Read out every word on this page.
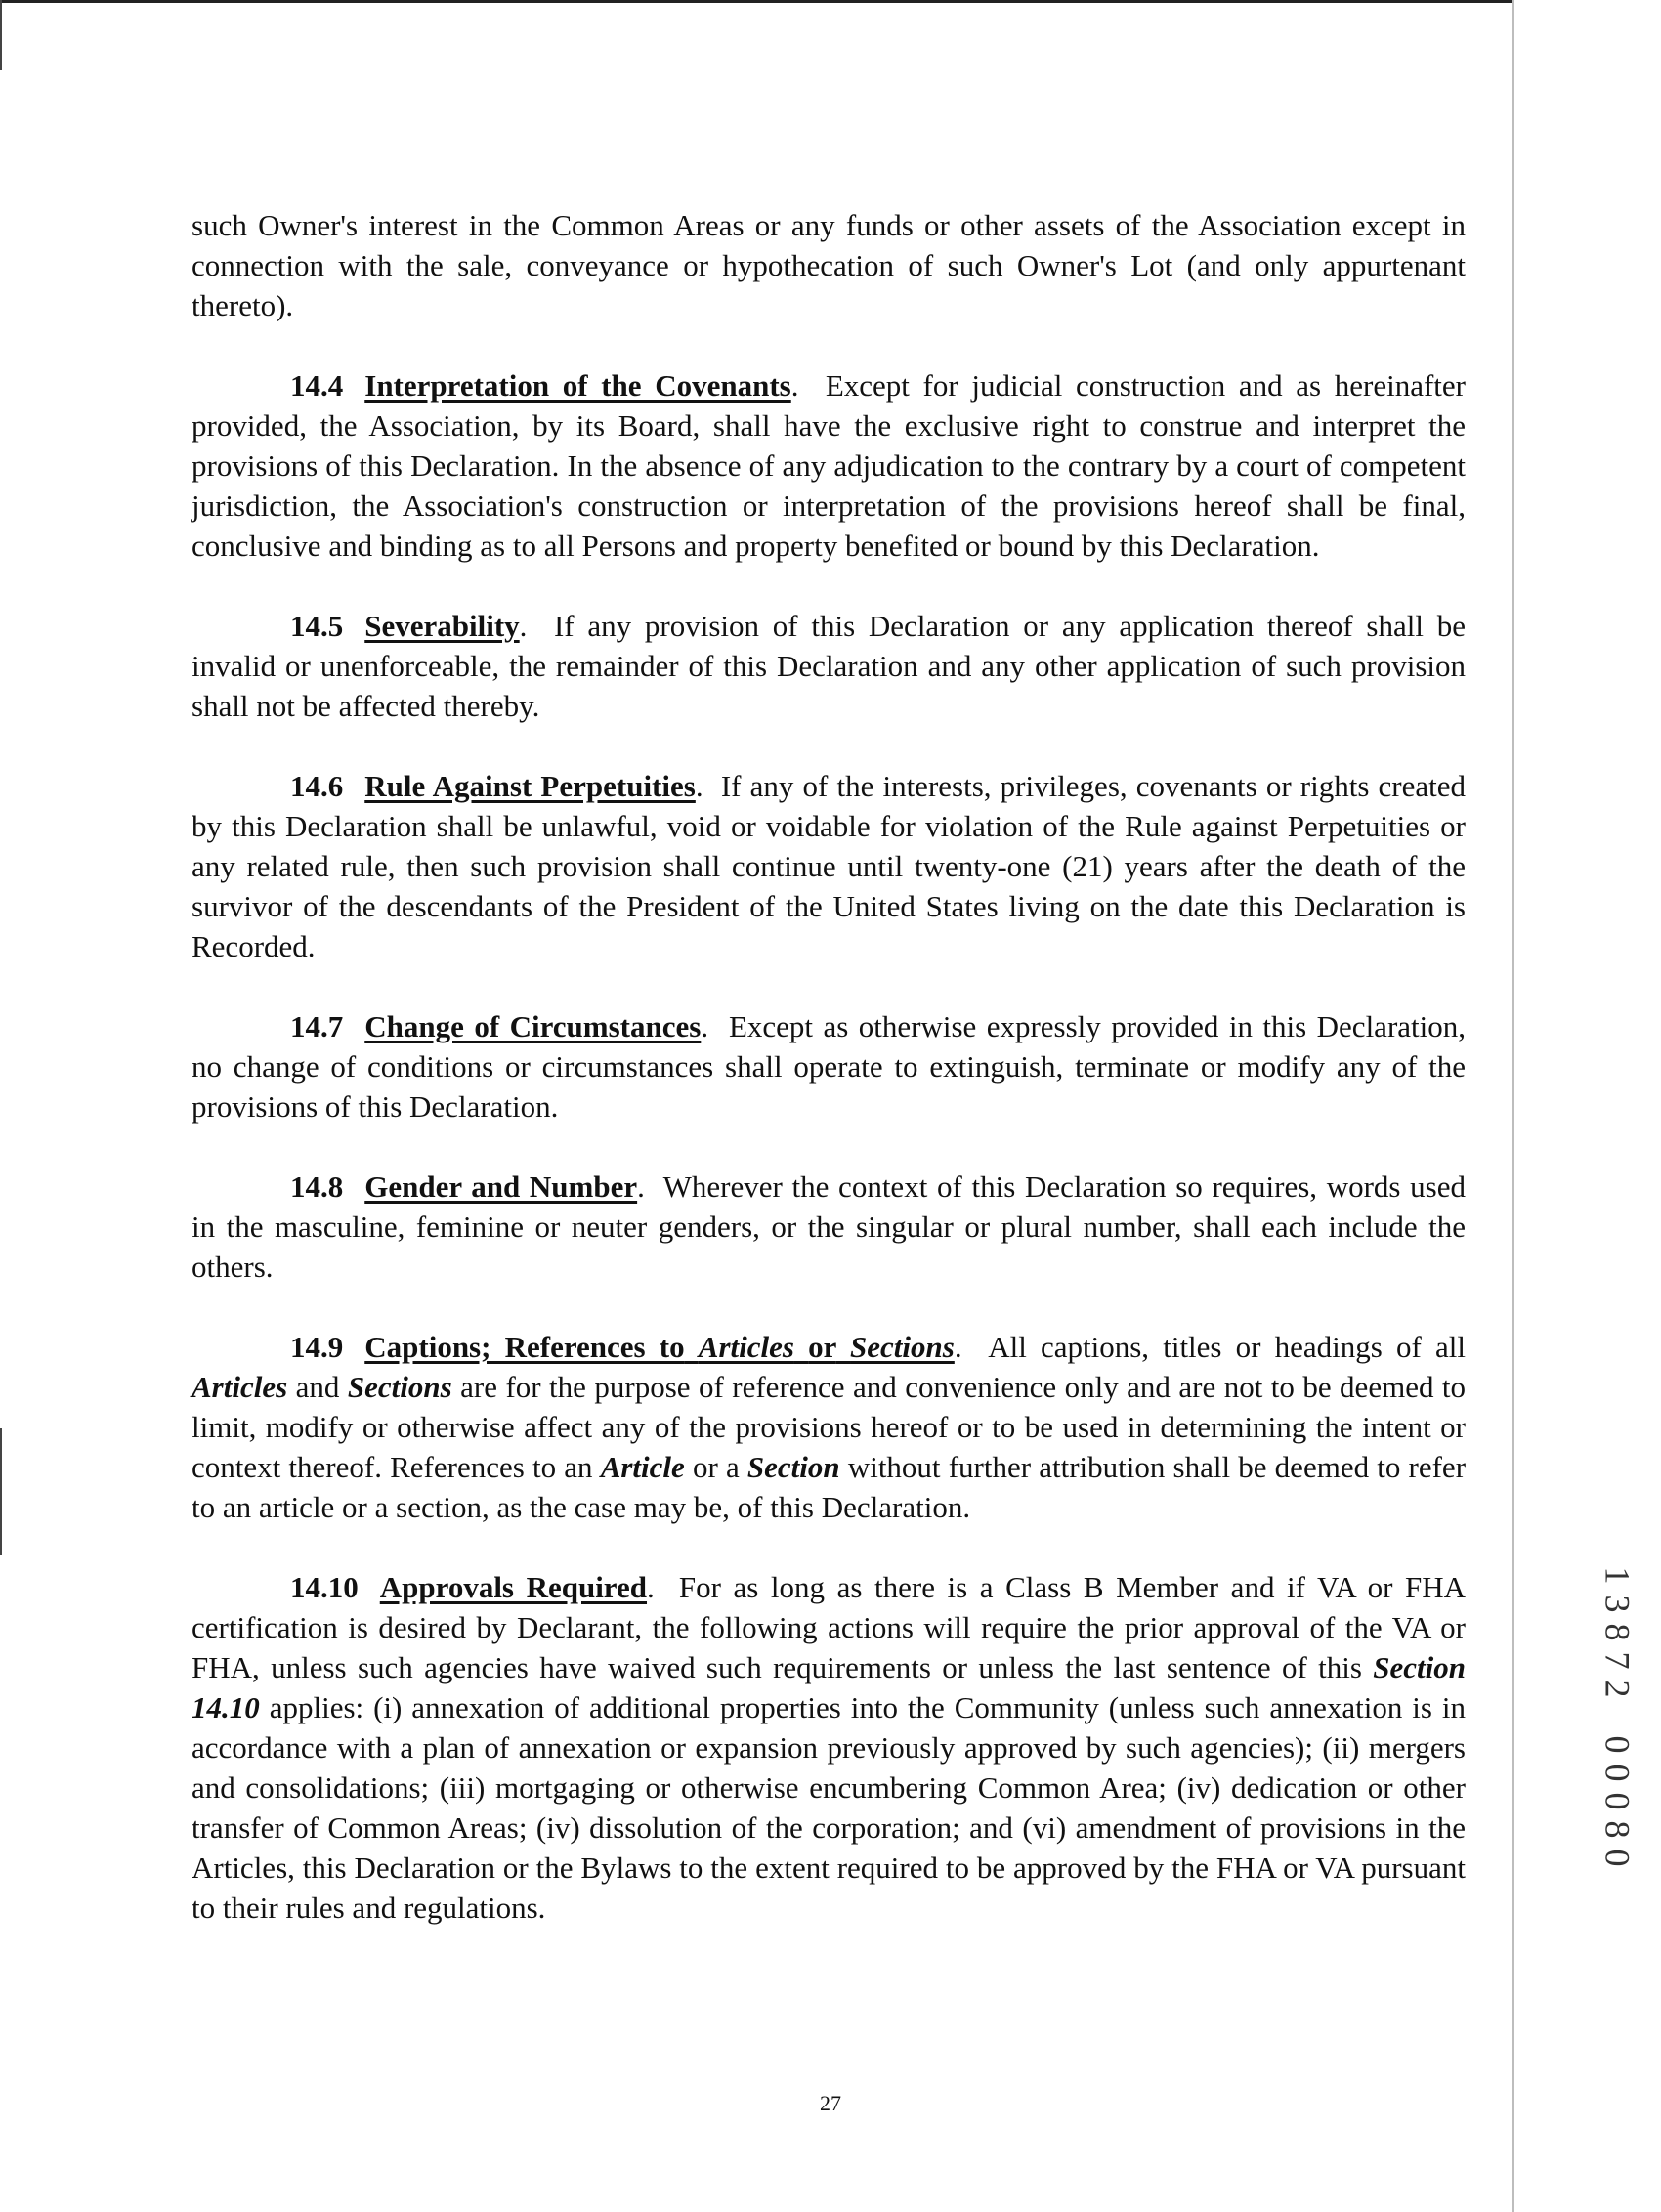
such Owner's interest in the Common Areas or any funds or other assets of the Association except in connection with the sale, conveyance or hypothecation of such Owner's Lot (and only appurtenant thereto).

14.4 Interpretation of the Covenants. Except for judicial construction and as hereinafter provided, the Association, by its Board, shall have the exclusive right to construe and interpret the provisions of this Declaration. In the absence of any adjudication to the contrary by a court of competent jurisdiction, the Association's construction or interpretation of the provisions hereof shall be final, conclusive and binding as to all Persons and property benefited or bound by this Declaration.

14.5 Severability. If any provision of this Declaration or any application thereof shall be invalid or unenforceable, the remainder of this Declaration and any other application of such provision shall not be affected thereby.

14.6 Rule Against Perpetuities. If any of the interests, privileges, covenants or rights created by this Declaration shall be unlawful, void or voidable for violation of the Rule against Perpetuities or any related rule, then such provision shall continue until twenty-one (21) years after the death of the survivor of the descendants of the President of the United States living on the date this Declaration is Recorded.

14.7 Change of Circumstances. Except as otherwise expressly provided in this Declaration, no change of conditions or circumstances shall operate to extinguish, terminate or modify any of the provisions of this Declaration.

14.8 Gender and Number. Wherever the context of this Declaration so requires, words used in the masculine, feminine or neuter genders, or the singular or plural number, shall each include the others.

14.9 Captions; References to Articles or Sections. All captions, titles or headings of all Articles and Sections are for the purpose of reference and convenience only and are not to be deemed to limit, modify or otherwise affect any of the provisions hereof or to be used in determining the intent or context thereof. References to an Article or a Section without further attribution shall be deemed to refer to an article or a section, as the case may be, of this Declaration.

14.10 Approvals Required. For as long as there is a Class B Member and if VA or FHA certification is desired by Declarant, the following actions will require the prior approval of the VA or FHA, unless such agencies have waived such requirements or unless the last sentence of this Section 14.10 applies: (i) annexation of additional properties into the Community (unless such annexation is in accordance with a plan of annexation or expansion previously approved by such agencies); (ii) mergers and consolidations; (iii) mortgaging or otherwise encumbering Common Area; (iv) dedication or other transfer of Common Areas; (iv) dissolution of the corporation; and (vi) amendment of provisions in the Articles, this Declaration or the Bylaws to the extent required to be approved by the FHA or VA pursuant to their rules and regulations.

27
1
3
8
7
2
0
0
0
8
0
